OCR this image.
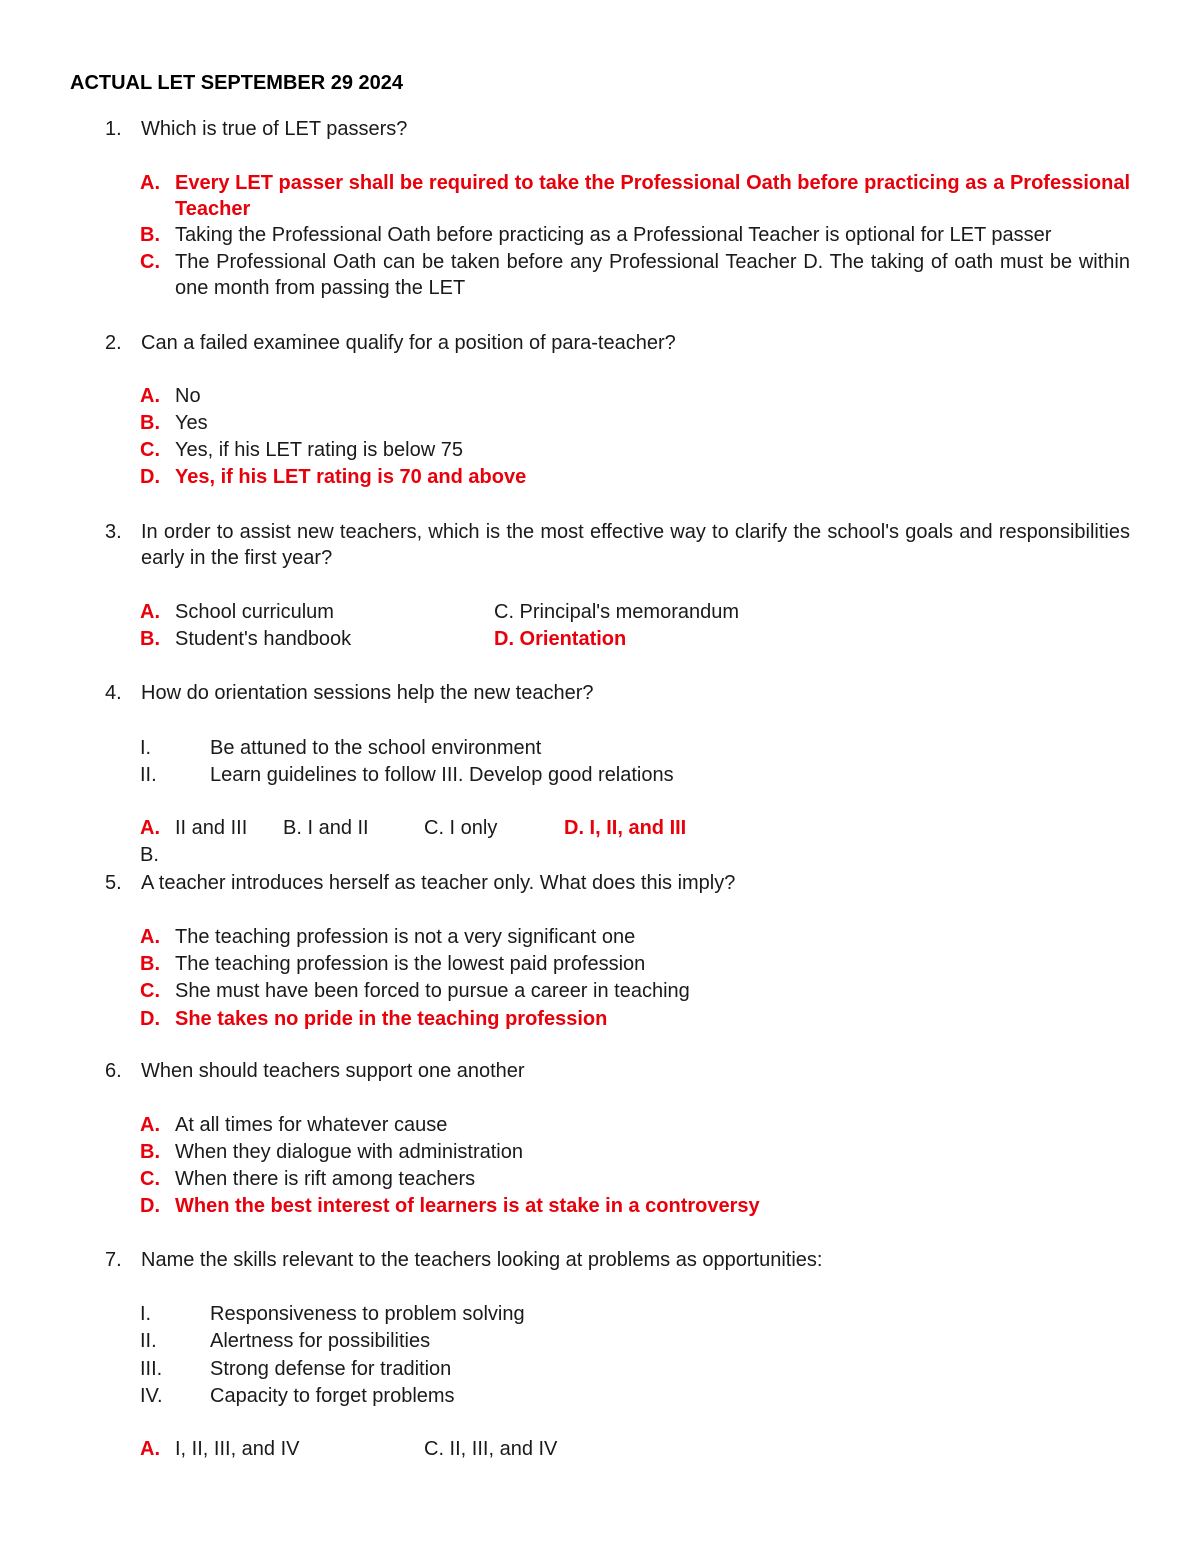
ACTUAL LET SEPTEMBER 29 2024
1. Which is true of LET passers?
A. Every LET passer shall be required to take the Professional Oath before practicing as a Professional Teacher
B. Taking the Professional Oath before practicing as a Professional Teacher is optional for LET passer
C. The Professional Oath can be taken before any Professional Teacher D. The taking of oath must be within one month from passing the LET
2. Can a failed examinee qualify for a position of para-teacher?
A. No
B. Yes
C. Yes, if his LET rating is below 75
D. Yes, if his LET rating is 70 and above
3. In order to assist new teachers, which is the most effective way to clarify the school's goals and responsibilities early in the first year?
A. School curriculum	C. Principal's memorandum
B. Student's handbook	D. Orientation
4. How do orientation sessions help the new teacher?
I.	Be attuned to the school environment
II.	Learn guidelines to follow III. Develop good relations
A. II and III	B. I and II	C. I only	D. I, II, and III
B.
5. A teacher introduces herself as teacher only. What does this imply?
A. The teaching profession is not a very significant one
B. The teaching profession is the lowest paid profession
C. She must have been forced to pursue a career in teaching
D. She takes no pride in the teaching profession
6. When should teachers support one another
A. At all times for whatever cause
B. When they dialogue with administration
C. When there is rift among teachers
D. When the best interest of learners is at stake in a controversy
7. Name the skills relevant to the teachers looking at problems as opportunities:
I.	Responsiveness to problem solving
II.	Alertness for possibilities
III. Strong defense for tradition
IV. Capacity to forget problems
A. I, II, III, and IV	C. II, III, and IV
